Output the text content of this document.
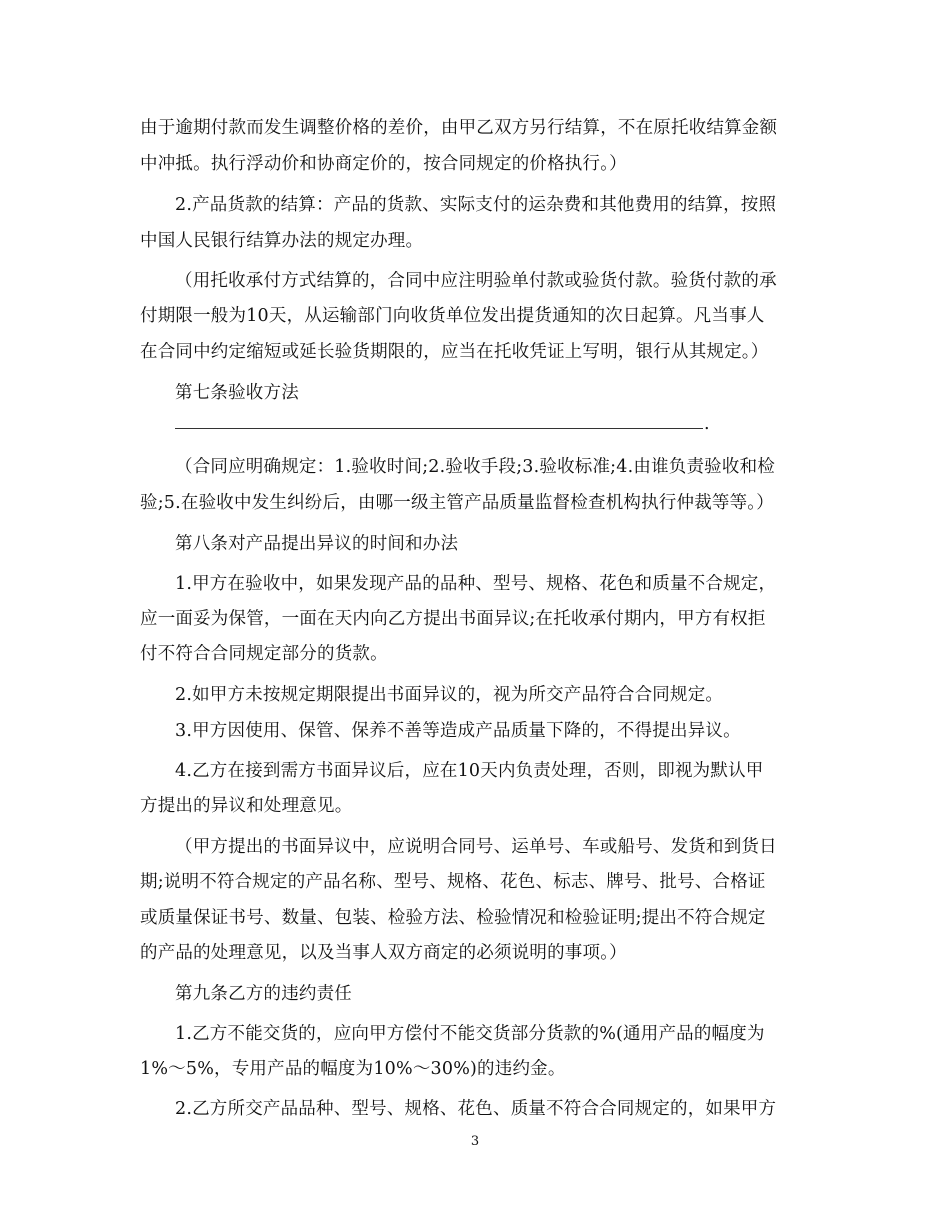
由于逾期付款而发生调整价格的差价，由甲乙双方另行结算，不在原托收结算金额
中冲抵。执行浮动价和协商定价的，按合同规定的价格执行。）
2.产品货款的结算：产品的货款、实际支付的运杂费和其他费用的结算，按照
中国人民银行结算办法的规定办理。
（用托收承付方式结算的，合同中应注明验单付款或验货付款。验货付款的承
付期限一般为10天，从运输部门向收货单位发出提货通知的次日起算。凡当事人
在合同中约定缩短或延长验货期限的，应当在托收凭证上写明，银行从其规定。）
第七条验收方法
.
（合同应明确规定：1.验收时间;2.验收手段;3.验收标准;4.由谁负责验收和检
验;5.在验收中发生纠纷后，由哪一级主管产品质量监督检查机构执行仲裁等等。）
第八条对产品提出异议的时间和办法
1.甲方在验收中，如果发现产品的品种、型号、规格、花色和质量不合规定，
应一面妥为保管，一面在天内向乙方提出书面异议;在托收承付期内，甲方有权拒
付不符合合同规定部分的货款。
2.如甲方未按规定期限提出书面异议的，视为所交产品符合合同规定。
3.甲方因使用、保管、保养不善等造成产品质量下降的，不得提出异议。
4.乙方在接到需方书面异议后，应在10天内负责处理，否则，即视为默认甲
方提出的异议和处理意见。
（甲方提出的书面异议中，应说明合同号、运单号、车或船号、发货和到货日
期;说明不符合规定的产品名称、型号、规格、花色、标志、牌号、批号、合格证
或质量保证书号、数量、包装、检验方法、检验情况和检验证明;提出不符合规定
的产品的处理意见，以及当事人双方商定的必须说明的事项。）
第九条乙方的违约责任
1.乙方不能交货的，应向甲方偿付不能交货部分货款的%(通用产品的幅度为
1%～5%，专用产品的幅度为10%～30%)的违约金。
2.乙方所交产品品种、型号、规格、花色、质量不符合合同规定的，如果甲方
3
